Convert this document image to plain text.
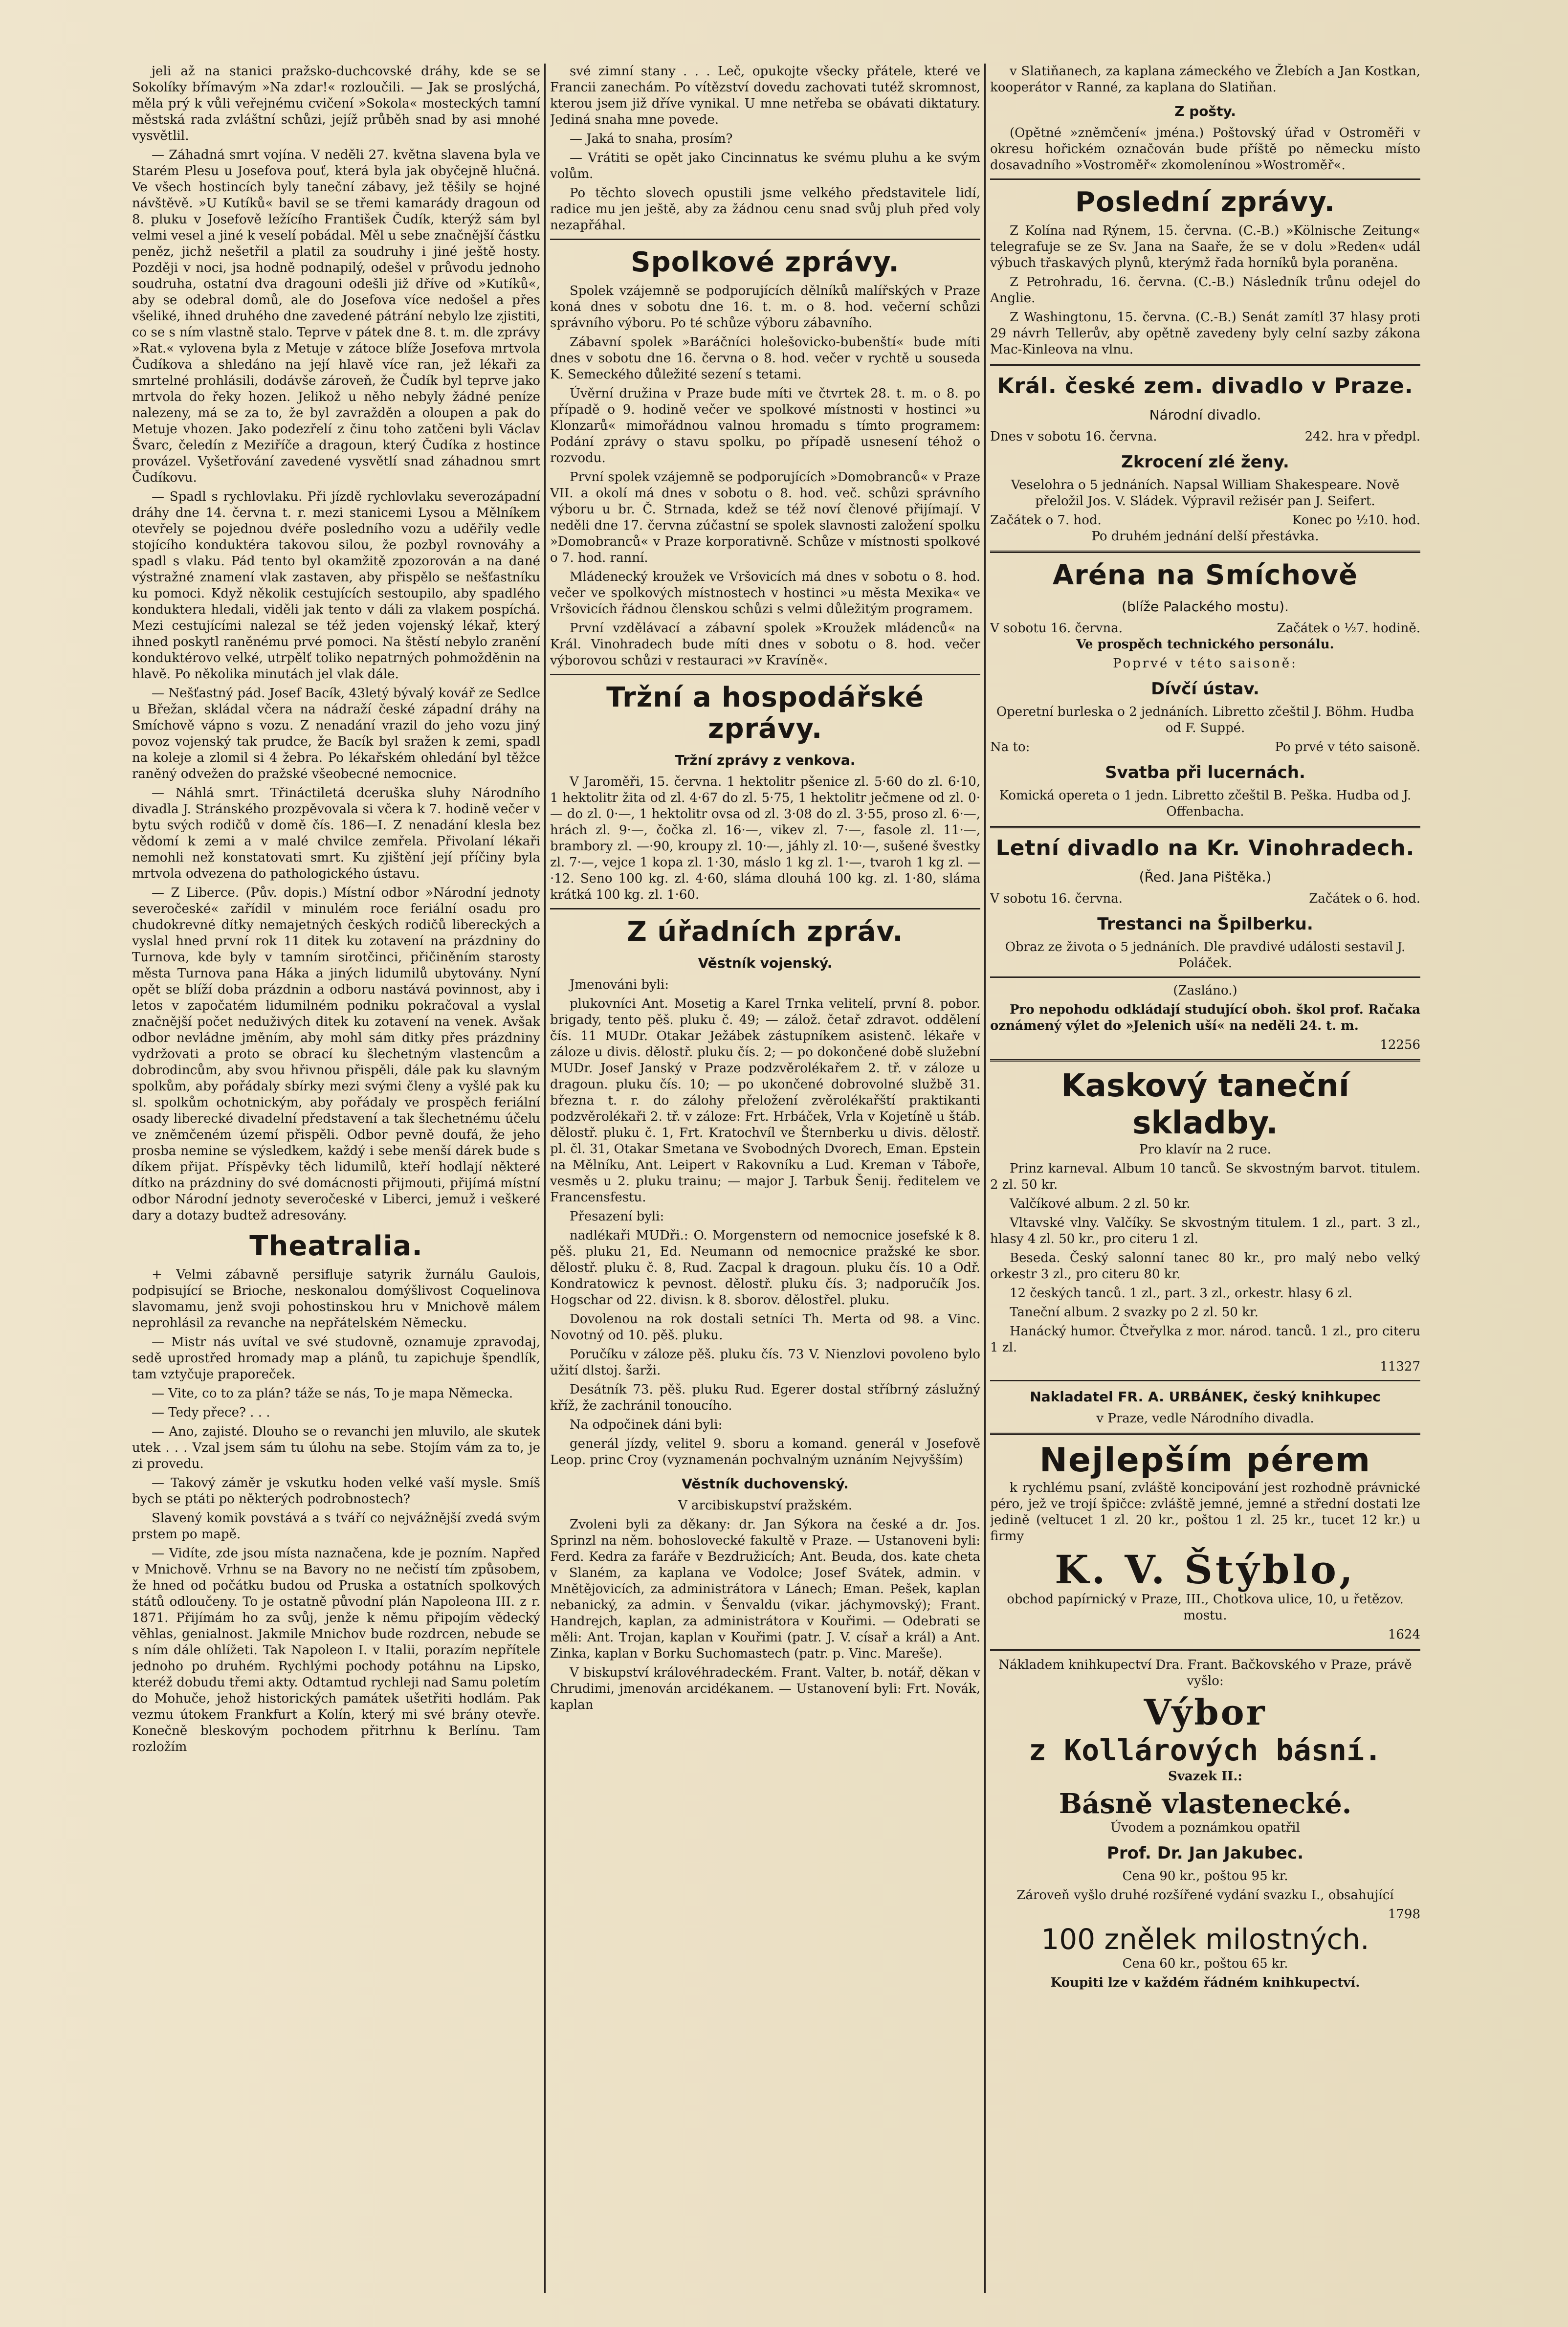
jeli až na stanici pražsko-duchcovské dráhy, kde se se Sokolíky břímavým »Na zdar!« rozloučili. — Jak se proslýchá, měla prý k vůli veřejnému cvičení »Sokola« mosteckých tamní městská rada zvláštní schůzi, jejíž průběh snad by asi mnohé vysvětlil.

— Záhadná smrt vojína. V neděli 27. května slavena byla ve Starém Plesu u Josefova pouť, která byla jak obyčejně hlučná. Ve všech hostincích byly taneční zábavy, jež těšily se hojné návštěvě. »U Kutíků« bavil se se třemi kamarády dragoun od 8. pluku v Josefově ležícího František Čudík, kterýž sám byl velmi vesel a jiné k veselí pobádal. Měl u sebe značnější částku peněz, jichž nešetřil a platil za soudruhy i jiné ještě hosty. Později v noci, jsa hodně podnapilý, odešel v průvodu jednoho soudruha, ostatní dva dragouni odešli již dříve od »Kutíků«, aby se odebral domů, ale do Josefova více nedošel a přes všeliké, ihned druhého dne zavedené pátrání nebylo lze zjistiti, co se s ním vlastně stalo. Teprve v pátek dne 8. t. m. dle zprávy »Rat.« vylovena byla z Metuje v zátoce blíže Josefova mrtvola Čudíkova a shledáno na její hlavě více ran, jež lékaři za smrtelné prohlásili, dodávše zároveň, že Čudík byl teprve jako mrtvola do řeky hozen. Jelikož u něho nebyly žádné peníze nalezeny, má se za to, že byl zavražděn a oloupen a pak do Metuje vhozen. Jako podezřelí z činu toho zatčeni byli Václav Švarc, čeledín z Meziříče a dragoun, který Čudíka z hostince provázel. Vyšetřování zavedené vysvětlí snad záhadnou smrt Čudíkovu.

— Spadl s rychlovlaku. Při jízdě rychlovlaku severozápadní dráhy dne 14. června t. r. mezi stanicemi Lysou a Mělníkem otevřely se pojednou dvéře posledního vozu a uděřily vedle stojícího konduktéra takovou silou, že pozbyl rovnováhy a spadl s vlaku. Pád tento byl okamžitě zpozorován a na dané výstražné znamení vlak zastaven, aby přispělo se nešťastníku ku pomoci. Když několik cestujících sestoupilo, aby spadlého konduktera hledali, viděli jak tento v dáli za vlakem pospíchá. Mezi cestujícími nalezal se též jeden vojenský lékař, který ihned poskytl raněnému prvé pomoci. Na štěstí nebylo zranění konduktérovo velké, utrpělť toliko nepatrných pohmožděnin na hlavě. Po několika minutách jel vlak dále.

— Nešťastný pád. Josef Bacík, 43letý bývalý kovář ze Sedlce u Břežan, skládal včera na nádraží české západní dráhy na Smíchově vápno s vozu. Z nenadání vrazil do jeho vozu jiný povoz vojenský tak prudce, že Bacík byl sražen k zemi, spadl na koleje a zlomil si 4 žebra. Po lékařském ohledání byl těžce raněný odvežen do pražské všeobecné nemocnice.

— Náhlá smrt. Třináctiletá dceruška sluhy Národního divadla J. Stránského prozpěvovala si včera k 7. hodině večer v bytu svých rodičů v domě čís. 186—I. Z nenadání klesla bez vědomí k zemi a v malé chvilce zemřela. Přivolaní lékaři nemohli než konstatovati smrt. Ku zjištění její příčiny byla mrtvola odvezena do pathologického ústavu.

— Z Liberce. (Pův. dopis.) Místní odbor »Národní jednoty severočeské« zařídil v minulém roce feriální osadu pro chudokrevné dítky nemajetných českých rodičů libereckých a vyslal hned první rok 11 ditek ku zotavení na prázdniny do Turnova, kde byly v tamním sirotčinci, přičiněním starosty města Turnova pana Háka a jiných lidumilů ubytovány. Nyní opět se blíží doba prázdnin a odboru nastává povinnost, aby i letos v započatém lidumilném podniku pokračoval a vyslal značnější počet neduživých ditek ku zotavení na venek. Avšak odbor nevládne jměním, aby mohl sám ditky přes prázdniny vydržovati a proto se obrací ku šlechetným vlastencům a dobrodincům, aby svou hřivnou přispěli, dále pak ku slavným spolkům, aby pořádaly sbírky mezi svými členy a vyšlé pak ku sl. spolkům ochotnickým, aby pořádaly ve prospěch feriální osady liberecké divadelní představení a tak šlechetnému účelu ve zněmčeném území přispěli. Odbor pevně doufá, že jeho prosba nemine se výsledkem, každý i sebe menší dárek bude s díkem přijat. Příspěvky těch lidumilů, kteří hodlají některé dítko na prázdniny do své domácnosti přijmouti, přijímá místní odbor Národní jednoty severočeské v Liberci, jemuž i veškeré dary a dotazy budtež adresovány.

Theatralia.

+ Velmi zábavně persifluje satyrik žurnálu Gaulois, podpisující se Brioche, neskonalou domýšlivost Coquelinova slavomamu, jenž svoji pohostinskou hru v Mnichově málem neprohlásil za revanche na nepřátelském Německu.

— Mistr nás uvítal ve své studovně, oznamuje zpravodaj, sedě uprostřed hromady map a plánů, tu zapichuje špendlík, tam vztyčuje praporeček.

— Vite, co to za plán? táže se nás, To je mapa Německa.

— Tedy přece? . . .

— Ano, zajisté. Dlouho se o revanchi jen mluvilo, ale skutek utek . . . Vzal jsem sám tu úlohu na sebe. Stojím vám za to, je zi provedu.

— Takový záměr je vskutku hoden velké vaší mysle. Smíš bych se ptáti po některých podrobnostech?

Slavený komik povstává a s tváří co nejvážnější zvedá svým prstem po mapě.

— Vidíte, zde jsou místa naznačena, kde je pozním. Napřed v Mnichově. Vrhnu se na Bavory no ne nečistí tím způsobem, že hned od počátku budou od Pruska a ostatních spolkových států odloučeny. To je ostatně původní plán Napoleona III. z r. 1871. Přijímám ho za svůj, jenže k němu připojím vědecký věhlas, genialnost. Jakmile Mnichov bude rozdrcen, nebude se s ním dále ohlížeti. Tak Napoleon I. v Italii, porazím nepřítele jednoho po druhém. Rychlými pochody potáhnu na Lipsko, kteréž dobudu třemi akty. Odtamtud rychleji nad Samu poletím do Mohuče, jehož historických památek ušetřiti hodlám. Pak vezmu útokem Frankfurt a Kolín, který mi své brány otevře. Konečně bleskovým pochodem přitrhnu k Berlínu. Tam rozložím

své zimní stany . . . Leč, opukojte všecky přátele, které ve Francii zanechám. Po vítězství dovedu zachovati tutéž skromnost, kterou jsem již dříve vynikal. U mne netřeba se obávati diktatury. Jediná snaha mne povede.

— Jaká to snaha, prosím?

— Vrátiti se opět jako Cincinnatus ke svému pluhu a ke svým volům.

Po těchto slovech opustili jsme velkého představitele lidí, radice mu jen ještě, aby za žádnou cenu snad svůj pluh před voly nezapřáhal.

Spolkové zprávy.

Spolek vzájemně se podporujících dělníků malířských v Praze koná dnes v sobotu dne 16. t. m. o 8. hod. večerní schůzi správního výboru. Po té schůze výboru zábavního.

Zábavní spolek »Baráčníci holešovicko-bubenští« bude míti dnes v sobotu dne 16. června o 8. hod. večer v rychtě u souseda K. Semeckého důležité sezení s tetami.

Úvěrní družina v Praze bude míti ve čtvrtek 28. t. m. o 8. po případě o 9. hodině večer ve spolkové místnosti v hostinci »u Klonzarů« mimořádnou valnou hromadu s tímto programem: Podání zprávy o stavu spolku, po případě usnesení téhož o rozvodu.

První spolek vzájemně se podporujících »Domobranců« v Praze VII. a okolí má dnes v sobotu o 8. hod. več. schůzi správního výboru u br. Č. Strnada, kdež se též noví členové přijímají. V neděli dne 17. června zúčastní se spolek slavnosti založení spolku »Domobranců« v Praze korporativně. Schůze v místnosti spolkové o 7. hod. ranní.

Mládenecký kroužek ve Vršovicích má dnes v sobotu o 8. hod. večer ve spolkových místnostech v hostinci »u města Mexika« ve Vršovicích řádnou členskou schůzi s velmi důležitým programem.

První vzdělávací a zábavní spolek »Kroužek mládenců« na Král. Vinohradech bude míti dnes v sobotu o 8. hod. večer výborovou schůzi v restauraci »v Kravíně«.

Tržní a hospodářské zprávy.
Tržní zprávy z venkova.

V Jaroměři, 15. června. 1 hektolitr pšenice zl. 5·60 do zl. 6·10, 1 hektolitr žita od zl. 4·67 do zl. 5·75, 1 hektolitr ječmene od zl. 0·— do zl. 0·—, 1 hektolitr ovsa od zl. 3·08 do zl. 3·55, proso zl. 6·—, hrách zl. 9·—, čočka zl. 16·—, vikev zl. 7·—, fasole zl. 11·—, brambory zl. —·90, kroupy zl. 10·—, jáhly zl. 10·—, sušené švestky zl. 7·—, vejce 1 kopa zl. 1·30, máslo 1 kg zl. 1·—, tvaroh 1 kg zl. —·12. Seno 100 kg. zl. 4·60, sláma dlouhá 100 kg. zl. 1·80, sláma krátká 100 kg. zl. 1·60.

Z úřadních zpráv.
Věstník vojenský.

Jmenováni byli:

plukovníci Ant. Mosetig a Karel Trnka velitelí, první 8. pobor. brigady, tento pěš. pluku č. 49; — zálož. četař zdravot. oddělení čís. 11 MUDr. Otakar Ježábek zástupníkem asistenč. lékaře v záloze u divis. dělostř. pluku čís. 2; — po dokončené době služební MUDr. Josef Janský v Praze podzvěrolékařem 2. tř. v záloze u dragoun. pluku čís. 10; — po ukončené dobrovolné službě 31. března t. r. do zálohy přeložení zvěrolékařští praktikanti podzvěrolékaři 2. tř. v záloze: Frt. Hrbáček, Vrla v Kojetíně u štáb. dělostř. pluku č. 1, Frt. Kratochvíl ve Šternberku u divis. dělostř. pl. čl. 31, Otakar Smetana ve Svobodných Dvorech, Eman. Epstein na Mělníku, Ant. Leipert v Rakovníku a Lud. Kreman v Táboře, vesměs u 2. pluku trainu; — major J. Tarbuk Šenij. ředitelem ve Francensfestu.

Přesazení byli:

nadlékaři MUDři.: O. Morgenstern od nemocnice josefské k 8. pěš. pluku 21, Ed. Neumann od nemocnice pražské ke sbor. dělostř. pluku č. 8, Rud. Zacpal k dragoun. pluku čís. 10 a Odř. Kondratowicz k pevnost. dělostř. pluku čís. 3; nadporučík Jos. Hogschar od 22. divisn. k 8. sborov. dělostřel. pluku.

Dovolenou na rok dostali setníci Th. Merta od 98. a Vinc. Novotný od 10. pěš. pluku.

Poručíku v záloze pěš. pluku čís. 73 V. Nienzlovi povoleno bylo užití dlstoj. šarži.

Desátník 73. pěš. pluku Rud. Egerer dostal stříbrný záslužný kříž, že zachránil tonoucího.

Na odpočinek dáni byli:

generál jízdy, velitel 9. sboru a komand. generál v Josefově Leop. princ Croy (vyznamenán pochvalným uznáním Nejvyšším)

Věstník duchovenský.

V arcibiskupství pražském.

Zvoleni byli za děkany: dr. Jan Sýkora na české a dr. Jos. Sprinzl na něm. bohoslovecké fakultě v Praze. — Ustanoveni byli: Ferd. Kedra za faráře v Bezdružicích; Ant. Beuda, dos. kate cheta v Slaném, za kaplana ve Vodolce; Josef Svátek, admin. v Mnětějovicích, za administrátora v Lánech; Eman. Pešek, kaplan nebanický, za admin. v Šenvaldu (vikar. jáchymovský); Frant. Handrejch, kaplan, za administrátora v Kouřimi. — Odebrati se měli: Ant. Trojan, kaplan v Kouřimi (patr. J. V. císař a král) a Ant. Zinka, kaplan v Borku Suchomastech (patr. p. Vinc. Mareše).

V biskupství královéhradeckém. Frant. Valter, b. notář, děkan v Chrudimi, jmenován arcidékanem. — Ustanovení byli: Frt. Novák, kaplan

v Slatiňanech, za kaplana zámeckého ve Žlebích a Jan Kostkan, kooperátor v Ranné, za kaplana do Slatiňan.

Z pošty.

(Opětné »zněmčení« jména.) Poštovský úřad v Ostroměři v okresu hořickém označován bude příště po německu místo dosavadního »Vostroměř« zkomolenínou »Wostroměř«.

Poslední zprávy.

Z Kolína nad Rýnem, 15. června. (C.-B.) »Kölnische Zeitung« telegrafuje se ze Sv. Jana na Saaře, že se v dolu »Reden« udál výbuch třaskavých plynů, kterýmž řada horníků byla poraněna.

Z Petrohradu, 16. června. (C.-B.) Následník trůnu odejel do Anglie.

Z Washingtonu, 15. června. (C.-B.) Senát zamítl 37 hlasy proti 29 návrh Tellerův, aby opětně zavedeny byly celní sazby zákona Mac-Kinleova na vlnu.

Král. české zem. divadlo v Praze.
Národní divadlo.
Dnes v sobotu 16. června.	242. hra v předpl.
Zkrocení zlé ženy.

Veselohra o 5 jednáních. Napsal William Shakespeare. Nově přeložil Jos. V. Sládek. Výpravil režisér pan J. Seifert.

Začátek o 7. hod.	Konec po ½10. hod.

Po druhém jednání delší přestávka.

Aréna na Smíchově
(blíže Palackého mostu).
V sobotu 16. června.	Začátek o ½7. hodině.

Ve prospěch technického personálu.

Poprvé v této saisoně:

Dívčí ústav.

Operetní burleska o 2 jednáních. Libretto zčeštil J. Böhm. Hudba od F. Suppé.

Na to:	Po prvé v této saisoně.
Svatba při lucernách.

Komická opereta o 1 jedn. Libretto zčeštil B. Peška. Hudba od J. Offenbacha.

Letní divadlo na Kr. Vinohradech.
(Řed. Jana Pištěka.)
V sobotu 16. června.	Začátek o 6. hod.
Trestanci na Špilberku.

Obraz ze života o 5 jednáních. Dle pravdivé události sestavil J. Poláček.

(Zasláno.)

Pro nepohodu odkládají studující oboh. škol prof. Račaka oznámený výlet do »Jelenich uší« na neděli 24. t. m.

12256
Kaskový taneční skladby.

Pro klavír na 2 ruce.

Prinz karneval. Album 10 tanců. Se skvostným barvot. titulem. 2 zl. 50 kr.

Valčíkové album. 2 zl. 50 kr.

Vltavské vlny. Valčíky. Se skvostným titulem. 1 zl., part. 3 zl., hlasy 4 zl. 50 kr., pro citeru 1 zl.

Beseda. Český salonní tanec 80 kr., pro malý nebo velký orkestr 3 zl., pro citeru 80 kr.

12 českých tanců. 1 zl., part. 3 zl., orkestr. hlasy 6 zl.

Taneční album. 2 svazky po 2 zl. 50 kr.

Hanácký humor. Čtveřylka z mor. národ. tanců. 1 zl., pro citeru 1 zl.

11327
Nakladatel FR. A. URBÁNEK, český knihkupec

v Praze, vedle Národního divadla.

Nejlepším pérem

k rychlému psaní, zvláště koncipování jest rozhodně právnické péro, jež ve trojí špičce: zvláště jemné, jemné a střední dostati lze jedině (veltucet 1 zl. 20 kr., poštou 1 zl. 25 kr., tucet 12 kr.) u firmy

K. V. Štýblo,

obchod papírnický v Praze, III., Chotkova ulice, 10, u řetězov. mostu.

1624

Nákladem knihkupectví Dra. Frant. Bačkovského v Praze, právě vyšlo:

Výbor
z Kollárových básní.

Svazek II.:

Básně vlastenecké.

Úvodem a poznámkou opatřil

Prof. Dr. Jan Jakubec.

Cena 90 kr., poštou 95 kr.

Zároveň vyšlo druhé rozšířené vydání svazku I., obsahující

1798
100 znělek milostných.

Cena 60 kr., poštou 65 kr.

Koupiti lze v každém řádném knihkupectví.
